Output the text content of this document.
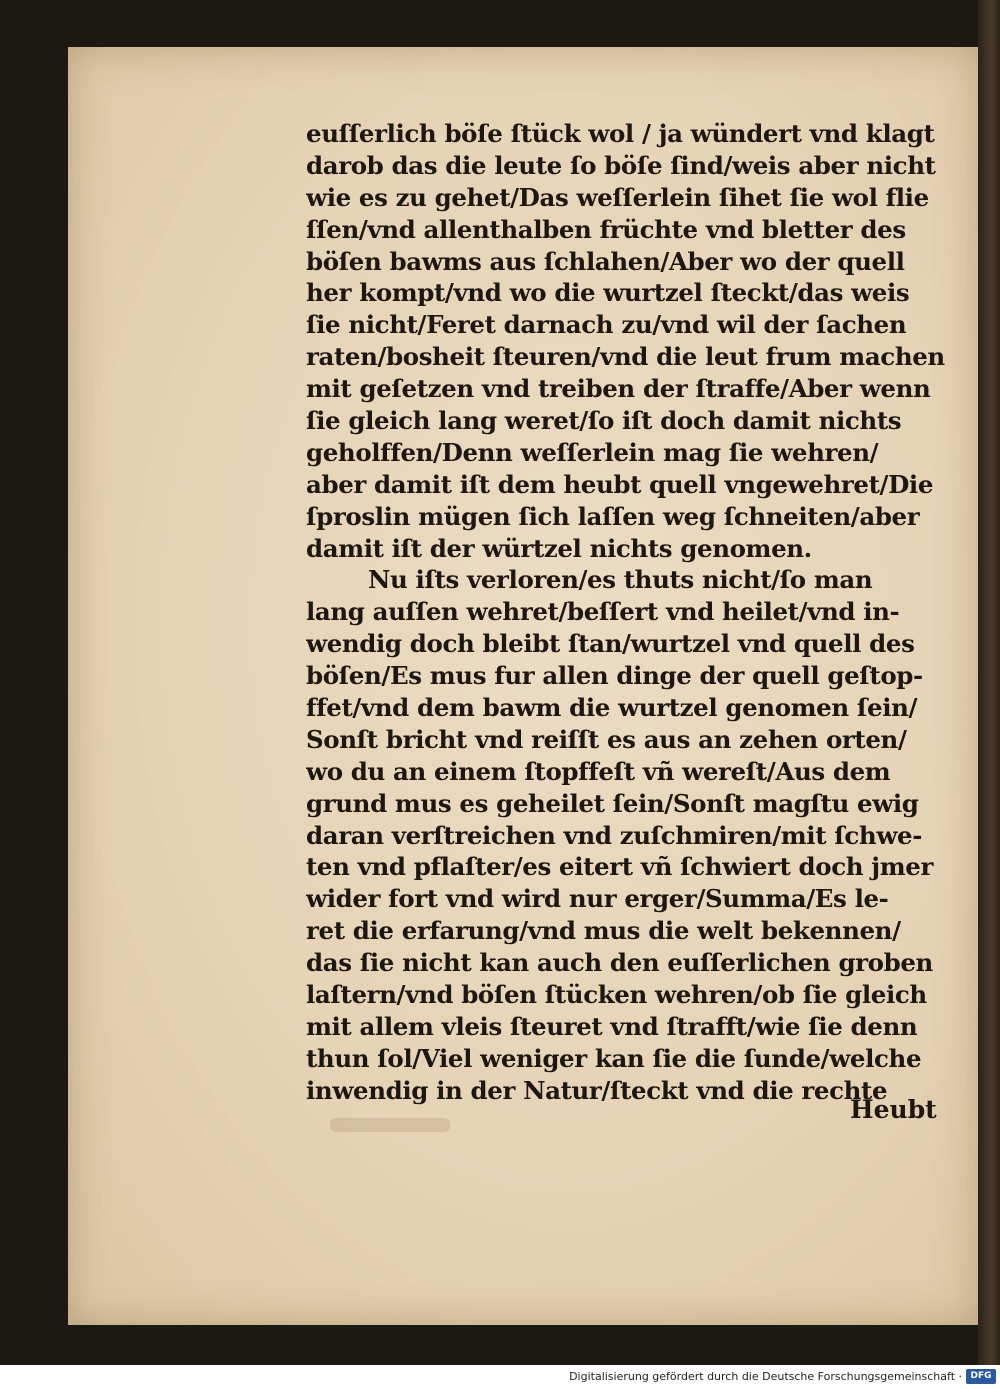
euſſerlich böſe ſtück wol / ja wündert vnd klagt
darob das die leute ſo böſe ſind/weis aber nicht
wie es zu gehet/Das weſſerlein ſihet ſie wol flie
ſſen/vnd allenthalben früchte vnd bletter des
böſen bawms aus ſchlahen/Aber wo der quell
her kompt/vnd wo die wurtzel ſteckt/das weis
ſie nicht/Feret darnach zu/vnd wil der ſachen
raten/bosheit ſteuren/vnd die leut frum machen
mit geſetzen vnd treiben der ſtraffe/Aber wenn
ſie gleich lang weret/ſo iſt doch damit nichts
geholffen/Denn weſſerlein mag ſie wehren/
aber damit iſt dem heubt quell vngewehret/Die
ſproslin mügen ſich laſſen weg ſchneiten/aber
damit iſt der würtzel nichts genomen.
Nu iſts verloren/es thuts nicht/ſo man
lang auſſen wehret/beſſert vnd heilet/vnd in-
wendig doch bleibt ſtan/wurtzel vnd quell des
böſen/Es mus fur allen dinge der quell geſtop-
ffet/vnd dem bawm die wurtzel genomen ſein/
Sonſt bricht vnd reiſſt es aus an zehen orten/
wo du an einem ſtopffeſt vñ wereſt/Aus dem
grund mus es geheilet ſein/Sonſt magſtu ewig
daran verſtreichen vnd zuſchmiren/mit ſchwe-
ten vnd pflaſter/es eitert vñ ſchwiert doch jmer
wider fort vnd wird nur erger/Summa/Es le-
ret die erfarung/vnd mus die welt bekennen/
das ſie nicht kan auch den euſſerlichen groben
laſtern/vnd böſen ſtücken wehren/ob ſie gleich
mit allem vleis ſteuret vnd ſtrafft/wie ſie denn
thun ſol/Viel weniger kan ſie die ſunde/welche
inwendig in der Natur/ſteckt vnd die rechte
Heubt
Digitalisierung gefördert durch die Deutsche Forschungsgemeinschaft · DFG
